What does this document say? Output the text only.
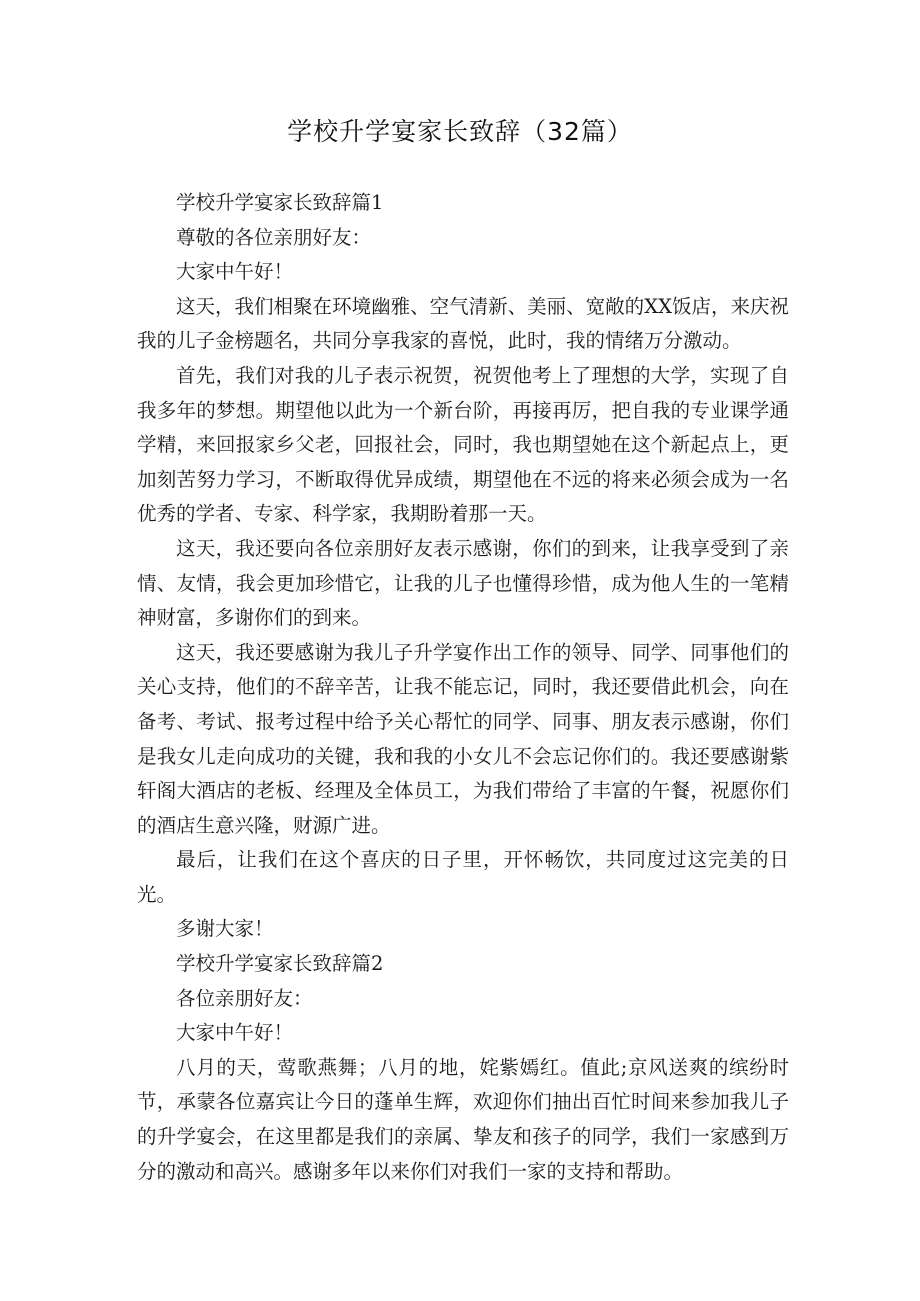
学校升学宴家长致辞（32篇）

学校升学宴家长致辞篇1

尊敬的各位亲朋好友：

大家中午好！

这天，我们相聚在环境幽雅、空气清新、美丽、宽敞的XX饭店，来庆祝我的儿子金榜题名，共同分享我家的喜悦，此时，我的情绪万分激动。

首先，我们对我的儿子表示祝贺，祝贺他考上了理想的大学，实现了自我多年的梦想。期望他以此为一个新台阶，再接再厉，把自我的专业课学通学精，来回报家乡父老，回报社会，同时，我也期望她在这个新起点上，更加刻苦努力学习，不断取得优异成绩，期望他在不远的将来必须会成为一名优秀的学者、专家、科学家，我期盼着那一天。

这天，我还要向各位亲朋好友表示感谢，你们的到来，让我享受到了亲情、友情，我会更加珍惜它，让我的儿子也懂得珍惜，成为他人生的一笔精神财富，多谢你们的到来。

这天，我还要感谢为我儿子升学宴作出工作的领导、同学、同事他们的关心支持，他们的不辞辛苦，让我不能忘记，同时，我还要借此机会，向在备考、考试、报考过程中给予关心帮忙的同学、同事、朋友表示感谢，你们是我女儿走向成功的关键，我和我的小女儿不会忘记你们的。我还要感谢紫轩阁大酒店的老板、经理及全体员工，为我们带给了丰富的午餐，祝愿你们的酒店生意兴隆，财源广进。

最后，让我们在这个喜庆的日子里，开怀畅饮，共同度过这完美的日光。

多谢大家！

学校升学宴家长致辞篇2

各位亲朋好友：

大家中午好！

八月的天，莺歌燕舞；八月的地，姹紫嫣红。值此;京风送爽的缤纷时节，承蒙各位嘉宾让今日的蓬单生辉，欢迎你们抽出百忙时间来参加我儿子的升学宴会，在这里都是我们的亲属、挚友和孩子的同学，我们一家感到万分的激动和高兴。感谢多年以来你们对我们一家的支持和帮助。
